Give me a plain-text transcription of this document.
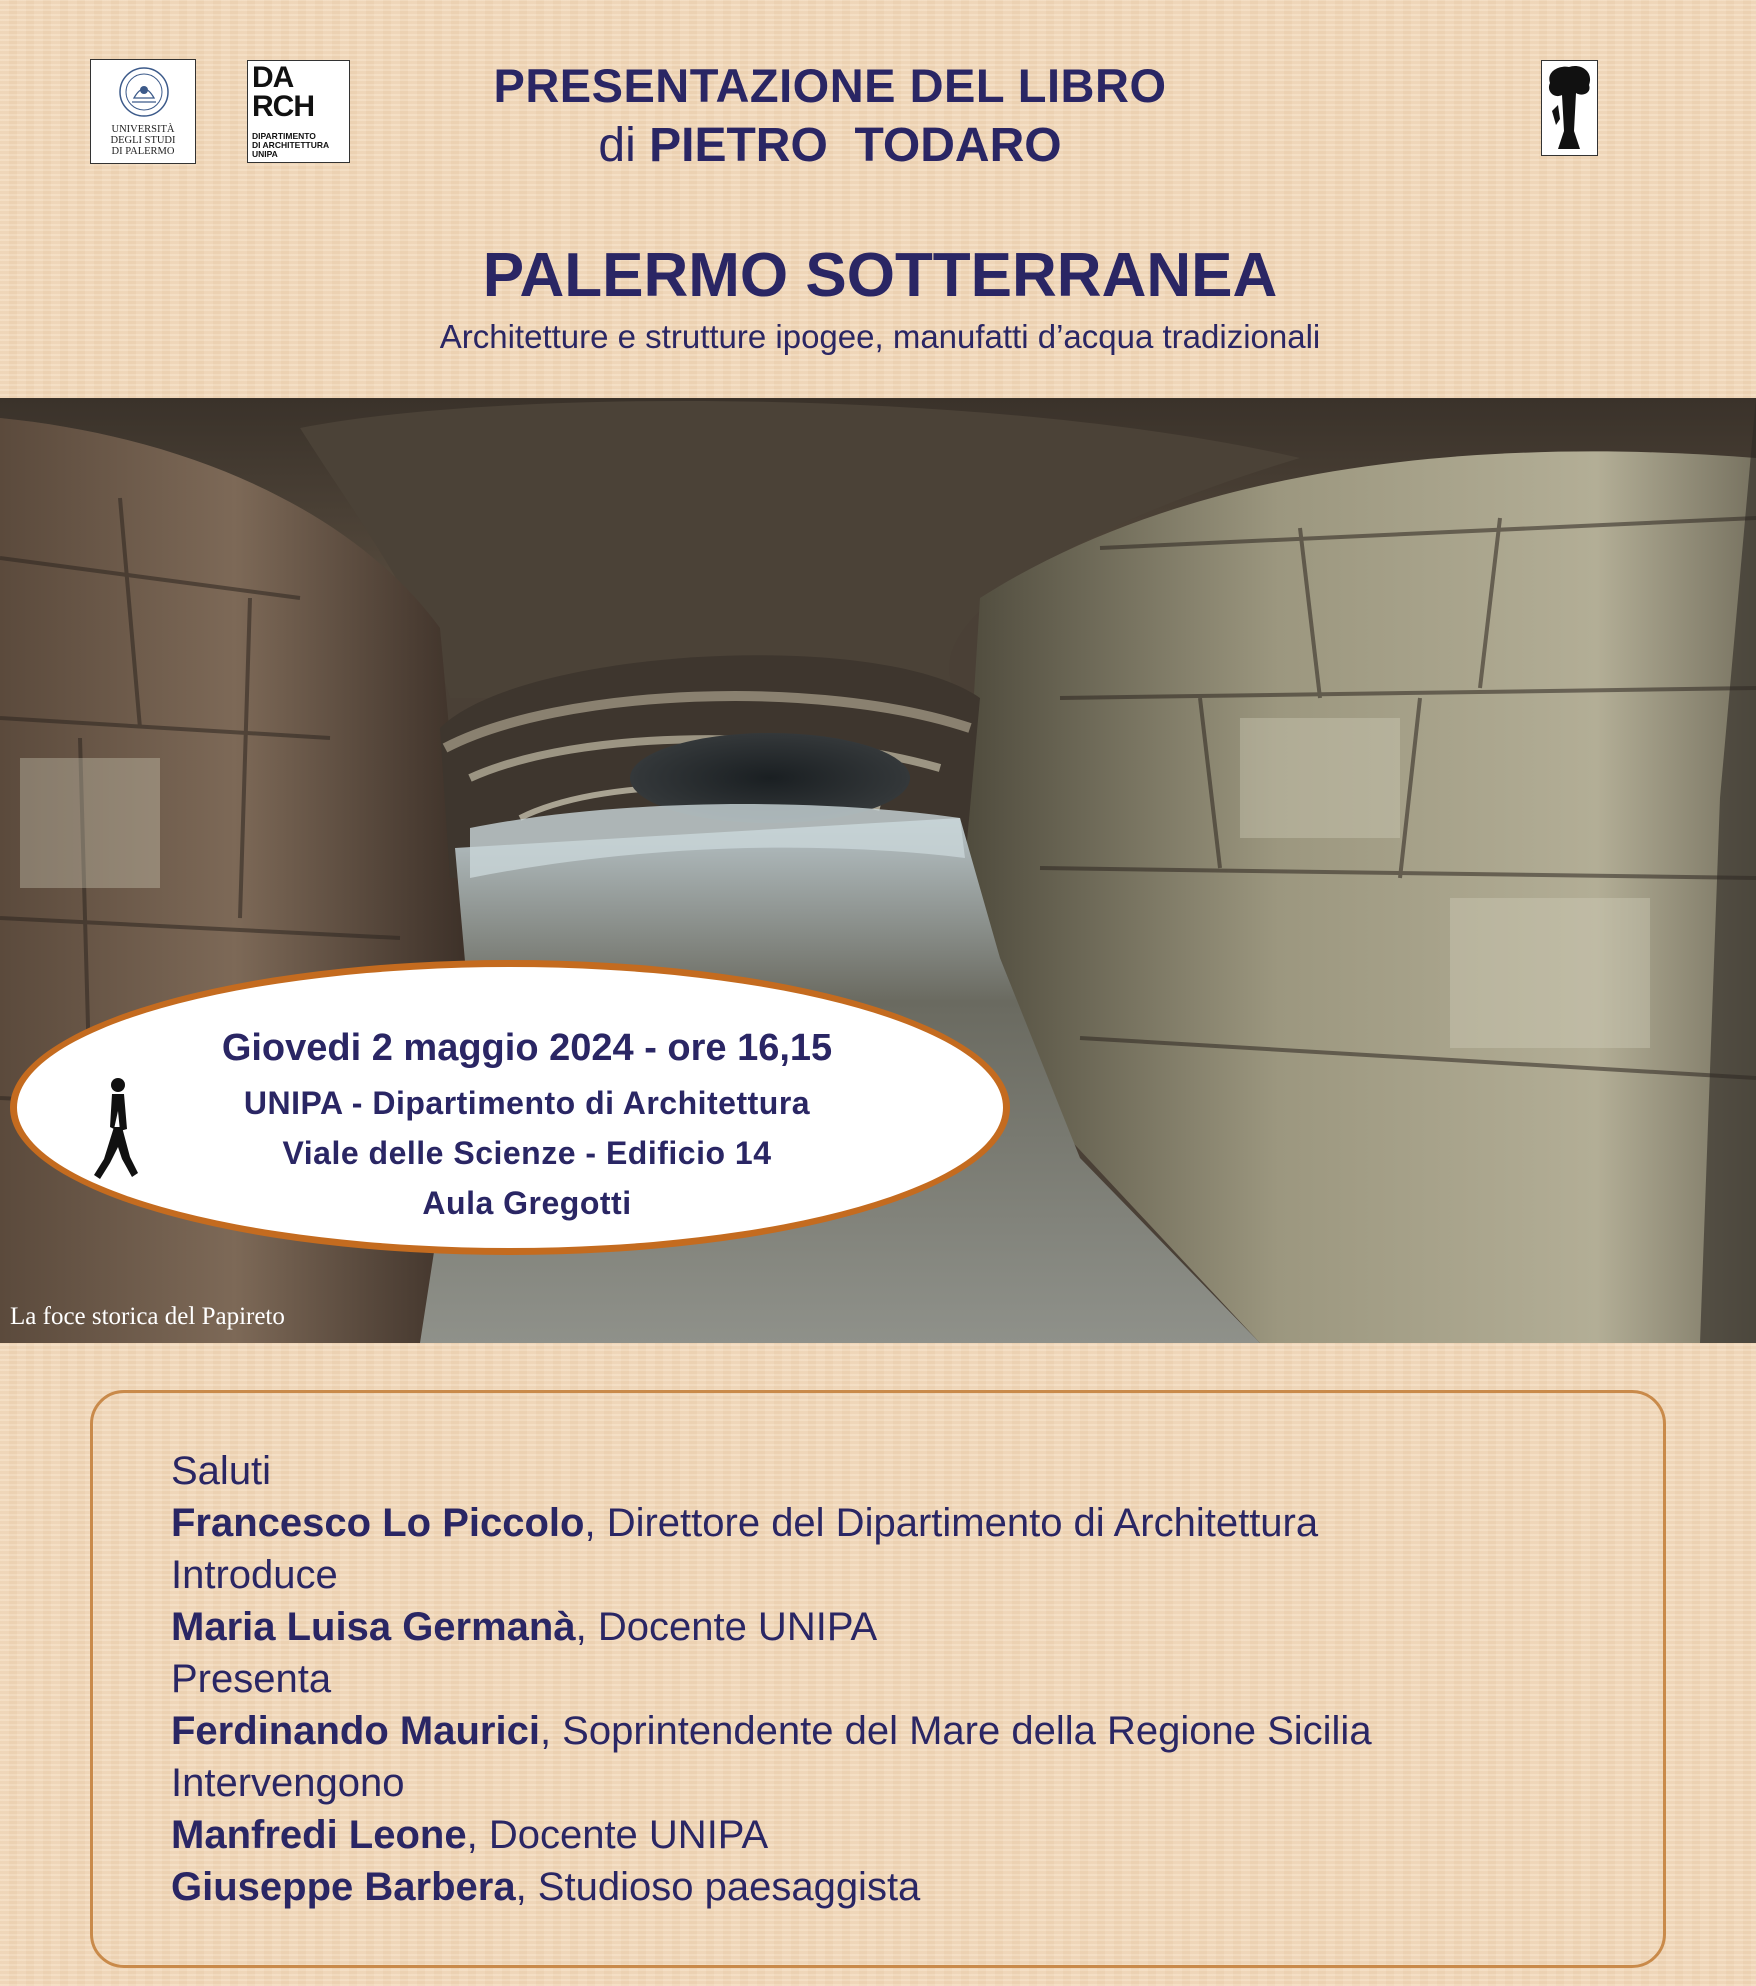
UNIVERSITÀ
DEGLI STUDI
DI PALERMO
DA
RCH
DIPARTIMENTO
DI ARCHITETTURA
UNIPA
PRESENTAZIONE DEL LIBRO
di PIETRO  TODARO
PALERMO SOTTERRANEA
Architetture e strutture ipogee, manufatti d’acqua tradizionali
La foce storica del Papireto
Giovedi 2 maggio 2024 - ore 16,15
UNIPA - Dipartimento di Architettura
Viale delle Scienze - Edificio 14
Aula Gregotti
Saluti
Francesco Lo Piccolo, Direttore del Dipartimento di Architettura
Introduce
Maria Luisa Germanà, Docente UNIPA
Presenta
Ferdinando Maurici, Soprintendente del Mare della Regione Sicilia
Intervengono
Manfredi Leone, Docente UNIPA
Giuseppe Barbera, Studioso paesaggista
